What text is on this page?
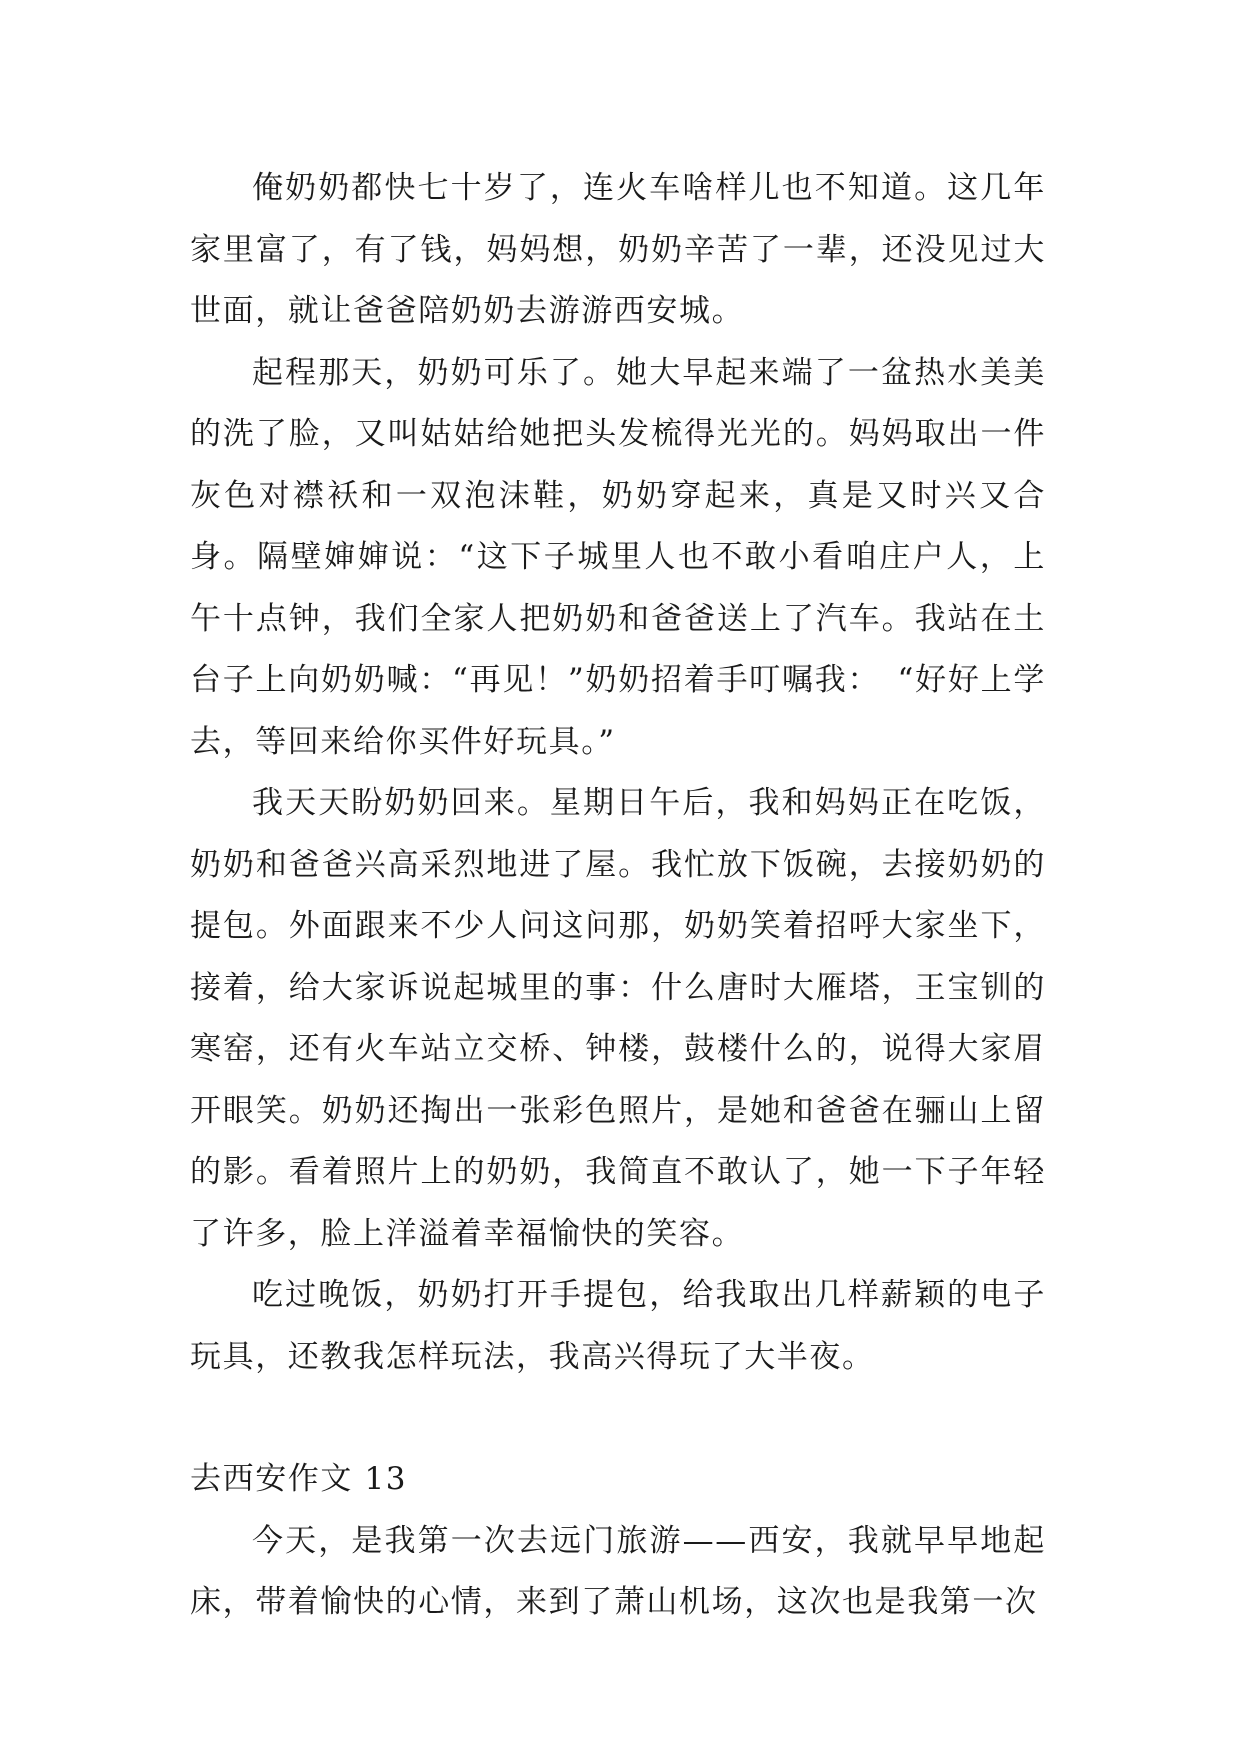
俺奶奶都快七十岁了，连火车啥样儿也不知道。这几年家里富了，有了钱，妈妈想，奶奶辛苦了一辈，还没见过大世面，就让爸爸陪奶奶去游游西安城。

起程那天，奶奶可乐了。她大早起来端了一盆热水美美的洗了脸，又叫姑姑给她把头发梳得光光的。妈妈取出一件灰色对襟袄和一双泡沫鞋，奶奶穿起来，真是又时兴又合身。隔壁婶婶说：“这下子城里人也不敢小看咱庄户人，上午十点钟，我们全家人把奶奶和爸爸送上了汽车。我站在土台子上向奶奶喊：“再见！”奶奶招着手叮嘱我：　“好好上学去，等回来给你买件好玩具。”

我天天盼奶奶回来。星期日午后，我和妈妈正在吃饭，奶奶和爸爸兴高采烈地进了屋。我忙放下饭碗，去接奶奶的提包。外面跟来不少人问这问那，奶奶笑着招呼大家坐下，接着，给大家诉说起城里的事：什么唐时大雁塔，王宝钏的寒窑，还有火车站立交桥、钟楼，鼓楼什么的，说得大家眉开眼笑。奶奶还掏出一张彩色照片，是她和爸爸在骊山上留的影。看着照片上的奶奶，我简直不敢认了，她一下子年轻了许多，脸上洋溢着幸福愉快的笑容。

吃过晚饭，奶奶打开手提包，给我取出几样薪颖的电子玩具，还教我怎样玩法，我高兴得玩了大半夜。

去西安作文 13

今天，是我第一次去远门旅游——西安，我就早早地起床，带着愉快的心情，来到了萧山机场，这次也是我第一次
